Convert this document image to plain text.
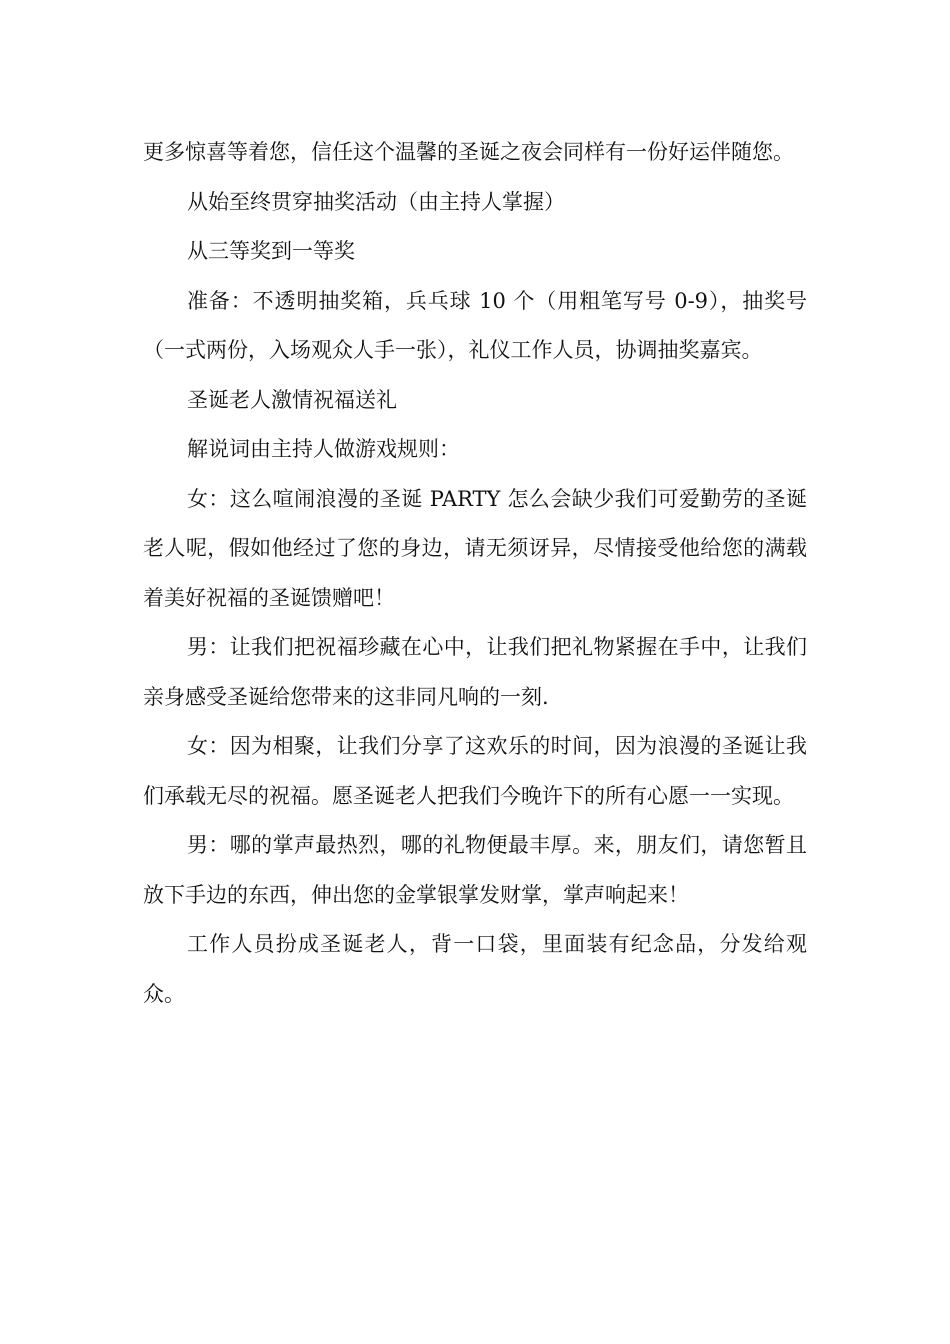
更多惊喜等着您，信任这个温馨的圣诞之夜会同样有一份好运伴随您。

从始至终贯穿抽奖活动（由主持人掌握）

从三等奖到一等奖

准备：不透明抽奖箱，兵乓球 10 个（用粗笔写号 0-9），抽奖号（一式两份，入场观众人手一张），礼仪工作人员，协调抽奖嘉宾。

圣诞老人激情祝福送礼

解说词由主持人做游戏规则：

女：这么喧闹浪漫的圣诞 PARTY 怎么会缺少我们可爱勤劳的圣诞老人呢，假如他经过了您的身边，请无须讶异，尽情接受他给您的满载着美好祝福的圣诞馈赠吧！

男：让我们把祝福珍藏在心中，让我们把礼物紧握在手中，让我们亲身感受圣诞给您带来的这非同凡响的一刻.

女：因为相聚，让我们分享了这欢乐的时间，因为浪漫的圣诞让我们承载无尽的祝福。愿圣诞老人把我们今晚许下的所有心愿一一实现。

男：哪的掌声最热烈，哪的礼物便最丰厚。来，朋友们，请您暂且放下手边的东西，伸出您的金掌银掌发财掌，掌声响起来！

工作人员扮成圣诞老人，背一口袋，里面装有纪念品，分发给观众。
